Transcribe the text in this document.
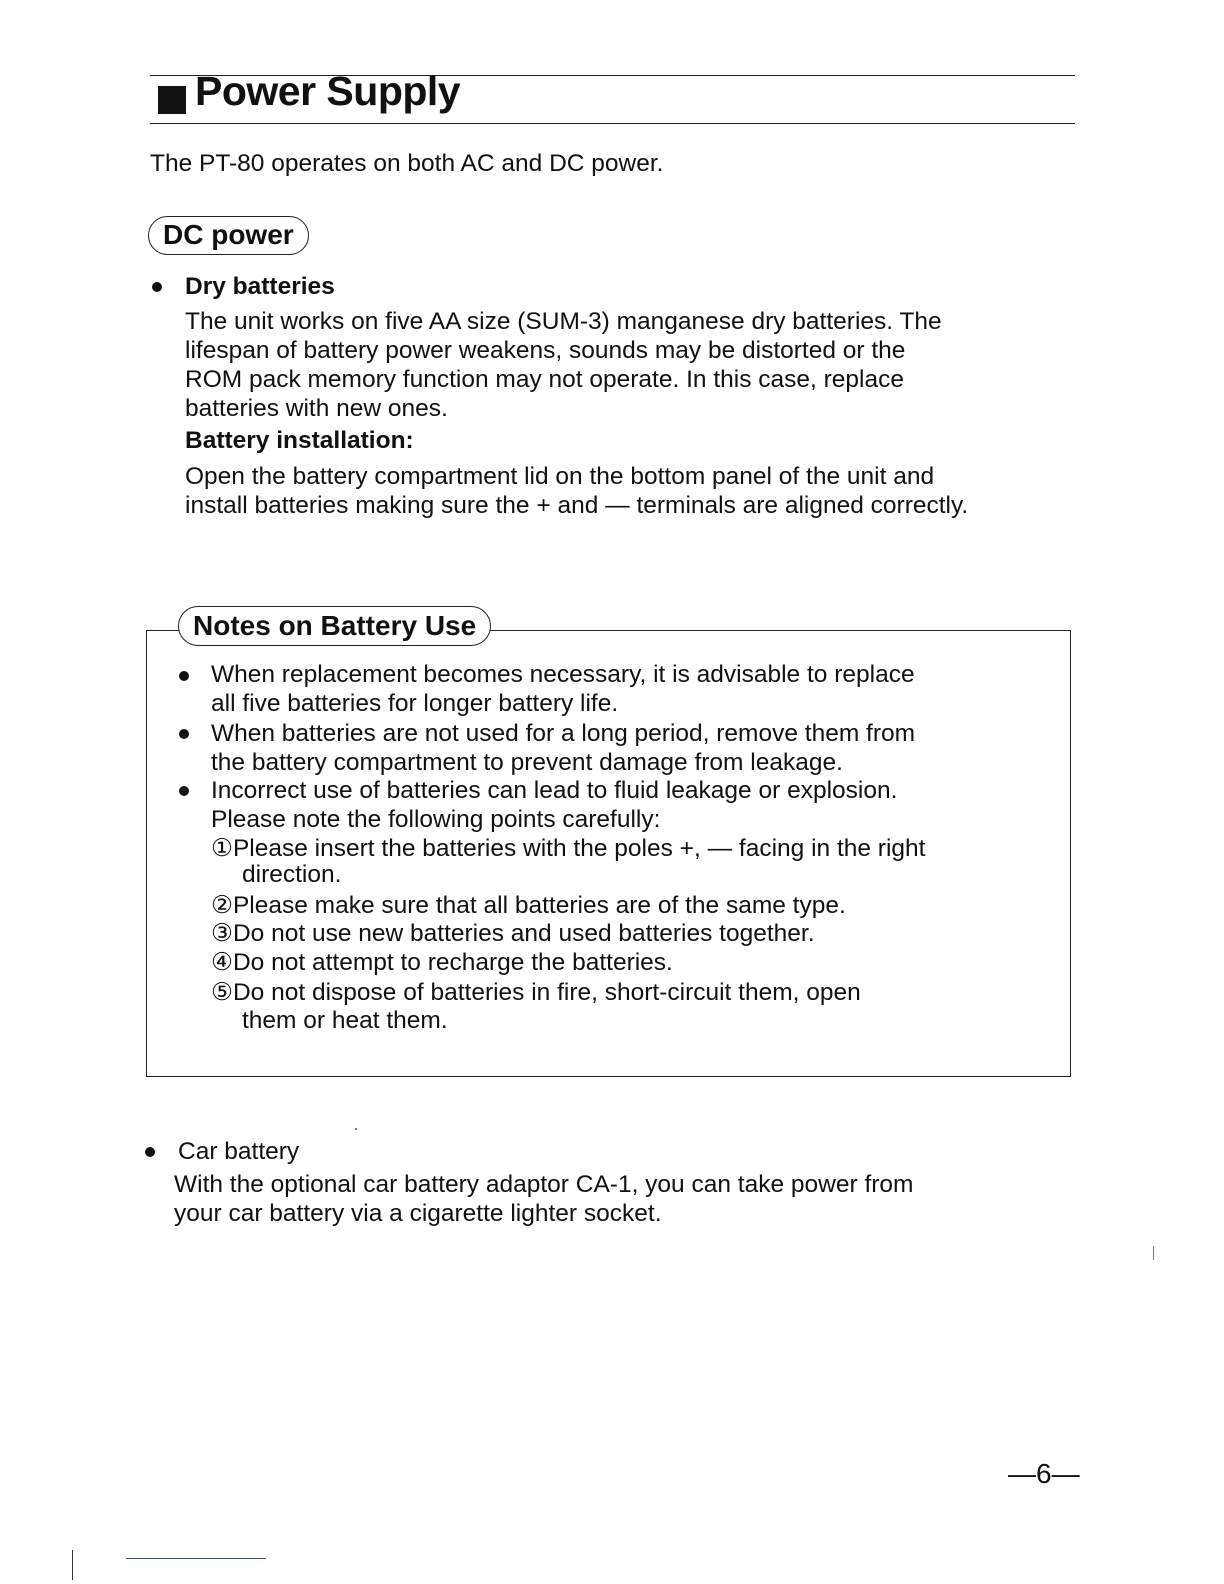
Power Supply
The PT-80 operates on both AC and DC power.
DC power
Dry batteries
The unit works on five AA size (SUM-3) manganese dry batteries. The
lifespan of battery power weakens, sounds may be distorted or the
ROM pack memory function may not operate. In this case, replace
batteries with new ones.
Battery installation:
Open the battery compartment lid on the bottom panel of the unit and
install batteries making sure the + and — terminals are aligned correctly.
Notes on Battery Use
When replacement becomes necessary, it is advisable to replace
all five batteries for longer battery life.
When batteries are not used for a long period, remove them from
the battery compartment to prevent damage from leakage.
Incorrect use of batteries can lead to fluid leakage or explosion.
Please note the following points carefully:
①Please insert the batteries with the poles +, — facing in the right
direction.
②Please make sure that all batteries are of the same type.
③Do not use new batteries and used batteries together.
④Do not attempt to recharge the batteries.
⑤Do not dispose of batteries in fire, short-circuit them, open
them or heat them.
Car battery
With the optional car battery adaptor CA-1, you can take power from
your car battery via a cigarette lighter socket.
—6—
